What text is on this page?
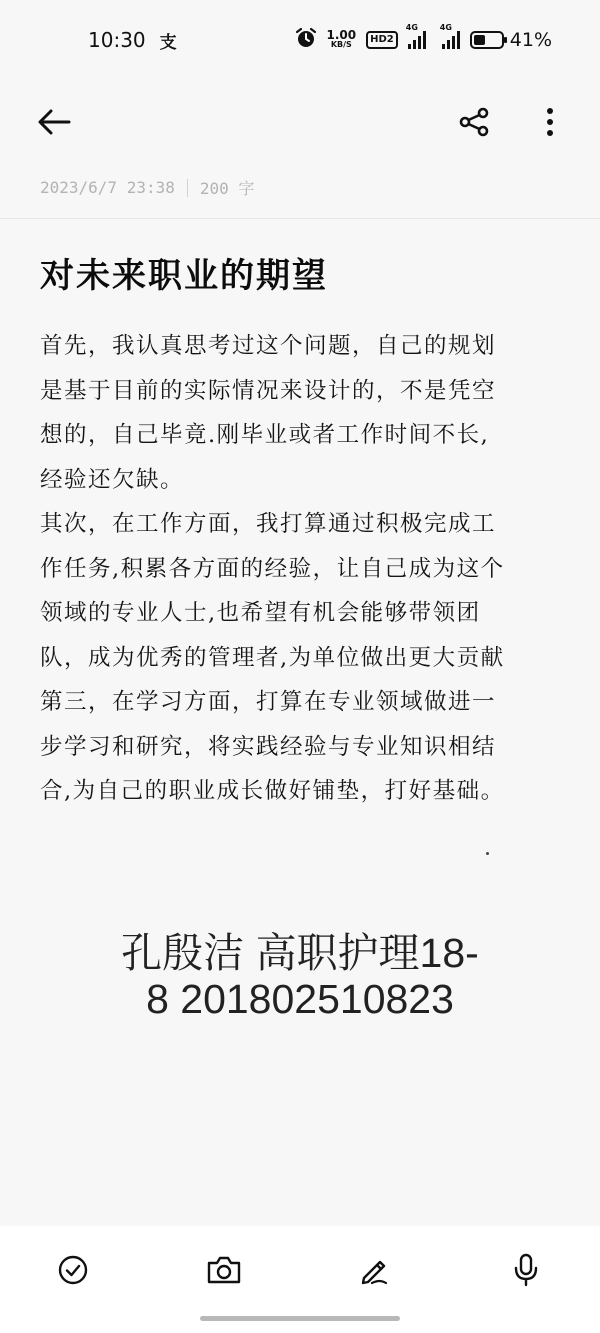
10:30 支	1.00
KB/S	HD2
4G	4G
41%
2023/6/7 23:38 200 字
对未来职业的期望

首先，我认真思考过这个问题，自己的规划

是基于目前的实际情况来设计的，不是凭空

想的，自己毕竟.刚毕业或者工作时间不长,

经验还欠缺。

其次，在工作方面，我打算通过积极完成工

作任务,积累各方面的经验，让自己成为这个

领域的专业人士,也希望有机会能够带领团

队，成为优秀的管理者,为单位做出更大贡献

第三，在学习方面，打算在专业领域做进一

步学习和研究，将实践经验与专业知识相结

合,为自己的职业成长做好铺垫，打好基础。

孔殷洁 高职护理18-
8 201802510823
